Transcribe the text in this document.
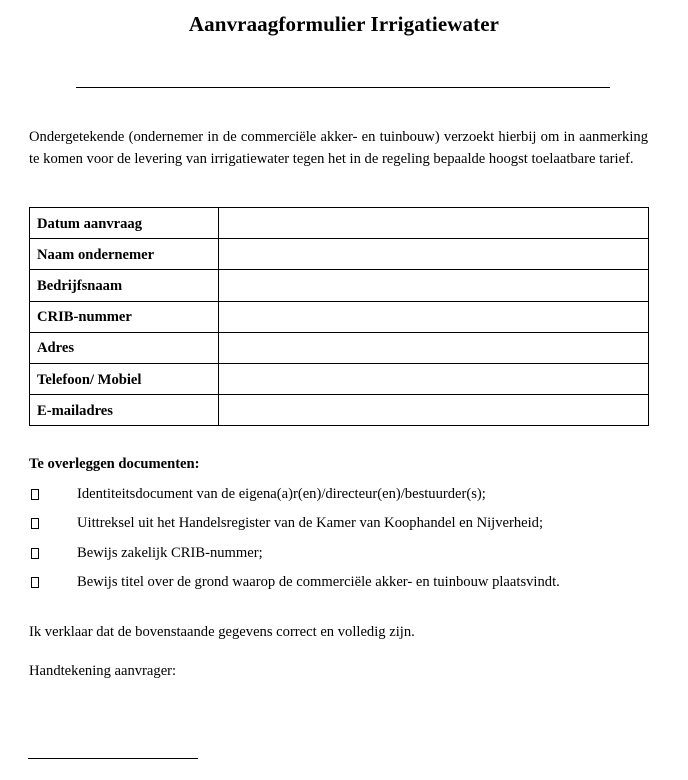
Aanvraagformulier Irrigatiewater

Ondergetekende (ondernemer in de commerciële akker- en tuinbouw) verzoekt hierbij om in aanmerking te komen voor de levering van irrigatiewater tegen het in de regeling bepaalde hoogst toelaatbare tarief.

Datum aanvraag	
Naam ondernemer	
Bedrijfsnaam	
CRIB-nummer	
Adres	
Telefoon/ Mobiel	
E-mailadres	
Te overleggen documenten:
Identiteitsdocument van de eigena(a)r(en)/directeur(en)/bestuurder(s);
Uittreksel uit het Handelsregister van de Kamer van Koophandel en Nijverheid;
Bewijs zakelijk CRIB-nummer;
Bewijs titel over de grond waarop de commerciële akker- en tuinbouw plaatsvindt.
Ik verklaar dat de bovenstaande gegevens correct en volledig zijn.
Handtekening aanvrager:
